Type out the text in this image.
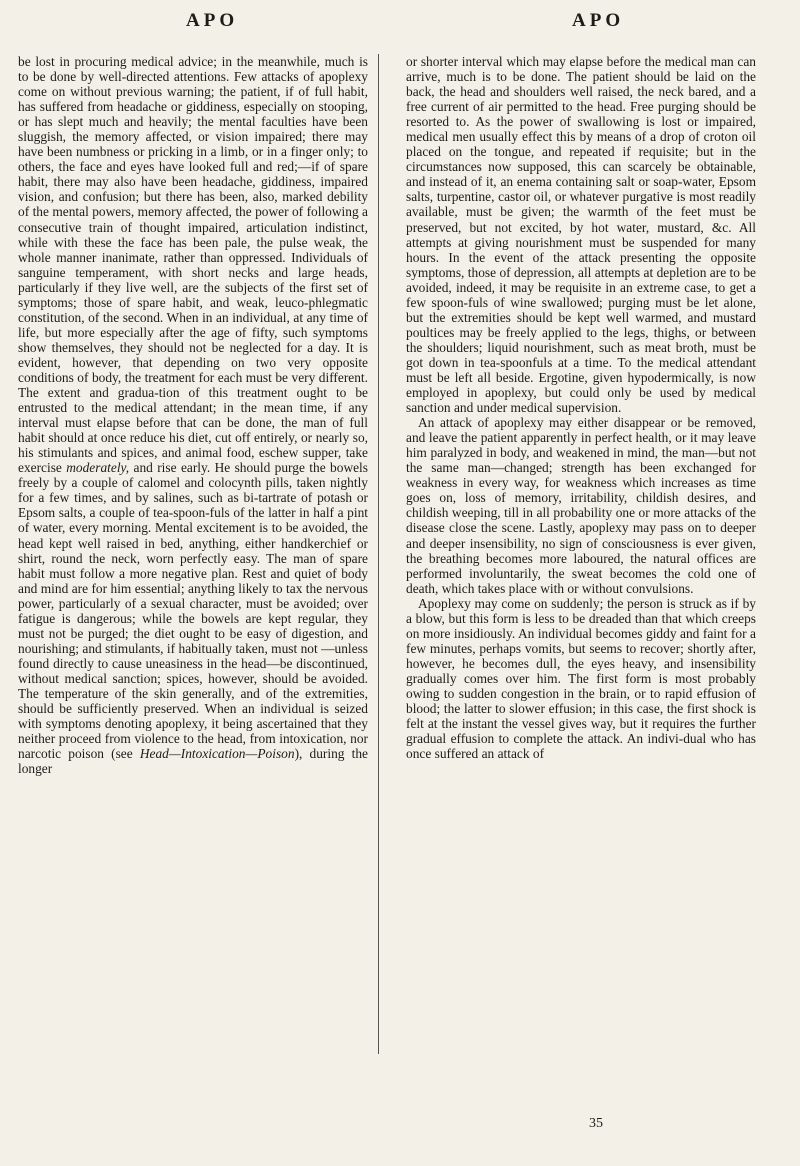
APO	APO

be lost in procuring medical advice; in the meanwhile, much is to be done by well-directed attentions. Few attacks of apoplexy come on without previous warning; the patient, if of full habit, has suffered from headache or giddiness, especially on stooping, or has slept much and heavily; the mental faculties have been sluggish, the memory affected, or vision impaired; there may have been numbness or pricking in a limb, or in a finger only; to others, the face and eyes have looked full and red;—if of spare habit, there may also have been headache, giddiness, impaired vision, and confusion; but there has been, also, marked debility of the mental powers, memory affected, the power of following a consecutive train of thought impaired, articulation indistinct, while with these the face has been pale, the pulse weak, the whole manner inanimate, rather than oppressed. Individuals of sanguine temperament, with short necks and large heads, particularly if they live well, are the subjects of the first set of symptoms; those of spare habit, and weak, leuco-phlegmatic constitution, of the second. When in an individual, at any time of life, but more especially after the age of fifty, such symptoms show themselves, they should not be neglected for a day. It is evident, however, that depending on two very opposite conditions of body, the treatment for each must be very different. The extent and gradua-tion of this treatment ought to be entrusted to the medical attendant; in the mean time, if any interval must elapse before that can be done, the man of full habit should at once reduce his diet, cut off entirely, or nearly so, his stimulants and spices, and animal food, eschew supper, take exercise moderately, and rise early. He should purge the bowels freely by a couple of calomel and colocynth pills, taken nightly for a few times, and by salines, such as bi-tartrate of potash or Epsom salts, a couple of tea-spoon-fuls of the latter in half a pint of water, every morning. Mental excitement is to be avoided, the head kept well raised in bed, anything, either handkerchief or shirt, round the neck, worn perfectly easy. The man of spare habit must follow a more negative plan. Rest and quiet of body and mind are for him essential; anything likely to tax the nervous power, particularly of a sexual character, must be avoided; over fatigue is dangerous; while the bowels are kept regular, they must not be purged; the diet ought to be easy of digestion, and nourishing; and stimulants, if habitually taken, must not —unless found directly to cause uneasiness in the head—be discontinued, without medical sanction; spices, however, should be avoided. The temperature of the skin generally, and of the extremities, should be sufficiently preserved. When an individual is seized with symptoms denoting apoplexy, it being ascertained that they neither proceed from violence to the head, from intoxication, nor narcotic poison (see Head—Intoxication—Poison), during the longer

or shorter interval which may elapse before the medical man can arrive, much is to be done. The patient should be laid on the back, the head and shoulders well raised, the neck bared, and a free current of air permitted to the head. Free purging should be resorted to. As the power of swallowing is lost or impaired, medical men usually effect this by means of a drop of croton oil placed on the tongue, and repeated if requisite; but in the circumstances now supposed, this can scarcely be obtainable, and instead of it, an enema containing salt or soap-water, Epsom salts, turpentine, castor oil, or whatever purgative is most readily available, must be given; the warmth of the feet must be preserved, but not excited, by hot water, mustard, &c. All attempts at giving nourishment must be suspended for many hours. In the event of the attack presenting the opposite symptoms, those of depression, all attempts at depletion are to be avoided, indeed, it may be requisite in an extreme case, to get a few spoon-fuls of wine swallowed; purging must be let alone, but the extremities should be kept well warmed, and mustard poultices may be freely applied to the legs, thighs, or between the shoulders; liquid nourishment, such as meat broth, must be got down in tea-spoonfuls at a time. To the medical attendant must be left all beside. Ergotine, given hypodermically, is now employed in apoplexy, but could only be used by medical sanction and under medical supervision.

An attack of apoplexy may either disappear or be removed, and leave the patient apparently in perfect health, or it may leave him paralyzed in body, and weakened in mind, the man—but not the same man—changed; strength has been exchanged for weakness in every way, for weakness which increases as time goes on, loss of memory, irritability, childish desires, and childish weeping, till in all probability one or more attacks of the disease close the scene. Lastly, apoplexy may pass on to deeper and deeper insensibility, no sign of consciousness is ever given, the breathing becomes more laboured, the natural offices are performed involuntarily, the sweat becomes the cold one of death, which takes place with or without convulsions.

Apoplexy may come on suddenly; the person is struck as if by a blow, but this form is less to be dreaded than that which creeps on more insidiously. An individual becomes giddy and faint for a few minutes, perhaps vomits, but seems to recover; shortly after, however, he becomes dull, the eyes heavy, and insensibility gradually comes over him. The first form is most probably owing to sudden congestion in the brain, or to rapid effusion of blood; the latter to slower effusion; in this case, the first shock is felt at the instant the vessel gives way, but it requires the further gradual effusion to complete the attack. An indivi-dual who has once suffered an attack of

35
